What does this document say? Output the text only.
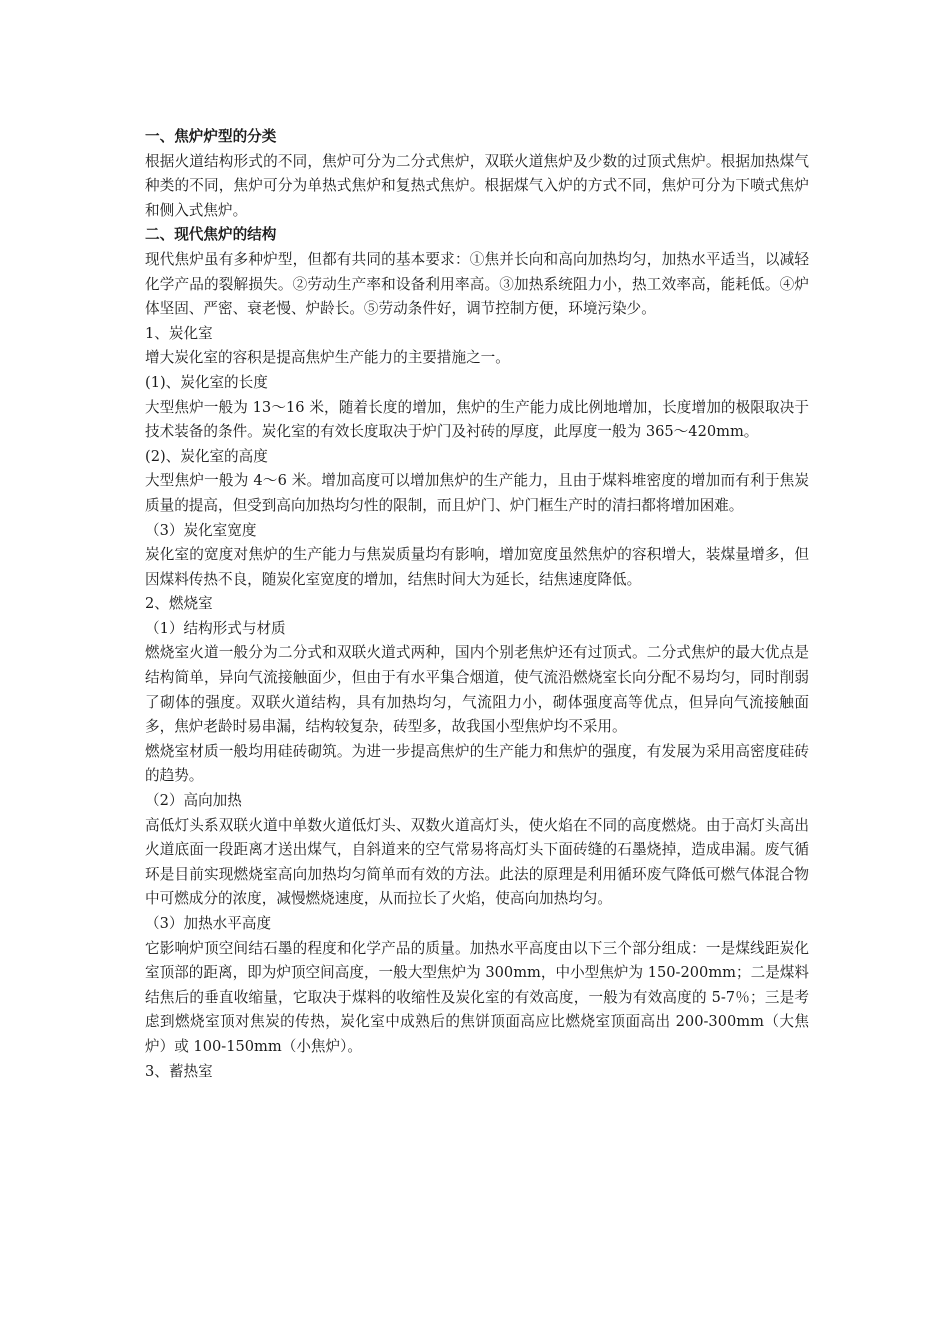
一、焦炉炉型的分类

根据火道结构形式的不同，焦炉可分为二分式焦炉，双联火道焦炉及少数的过顶式焦炉。根据加热煤气种类的不同，焦炉可分为单热式焦炉和复热式焦炉。根据煤气入炉的方式不同，焦炉可分为下喷式焦炉和侧入式焦炉。

二、现代焦炉的结构

现代焦炉虽有多种炉型，但都有共同的基本要求：①焦并长向和高向加热均匀，加热水平适当，以减轻化学产品的裂解损失。②劳动生产率和设备利用率高。③加热系统阻力小，热工效率高，能耗低。④炉体坚固、严密、衰老慢、炉龄长。⑤劳动条件好，调节控制方便，环境污染少。

1、炭化室

增大炭化室的容积是提高焦炉生产能力的主要措施之一。

(1)、炭化室的长度

大型焦炉一般为 13～16 米，随着长度的增加，焦炉的生产能力成比例地增加，长度增加的极限取决于技术装备的条件。炭化室的有效长度取决于炉门及衬砖的厚度，此厚度一般为 365～420mm。

(2)、炭化室的高度

大型焦炉一般为 4～6 米。增加高度可以增加焦炉的生产能力，且由于煤料堆密度的增加而有利于焦炭质量的提高，但受到高向加热均匀性的限制，而且炉门、炉门框生产时的清扫都将增加困难。

（3）炭化室宽度

炭化室的宽度对焦炉的生产能力与焦炭质量均有影响，增加宽度虽然焦炉的容积增大，装煤量增多，但因煤料传热不良，随炭化室宽度的增加，结焦时间大为延长，结焦速度降低。

2、燃烧室

（1）结构形式与材质

燃烧室火道一般分为二分式和双联火道式两种，国内个别老焦炉还有过顶式。二分式焦炉的最大优点是结构简单，异向气流接触面少，但由于有水平集合烟道，使气流沿燃烧室长向分配不易均匀，同时削弱了砌体的强度。双联火道结构，具有加热均匀，气流阻力小，砌体强度高等优点，但异向气流接触面多，焦炉老龄时易串漏，结构较复杂，砖型多，故我国小型焦炉均不采用。

燃烧室材质一般均用硅砖砌筑。为进一步提高焦炉的生产能力和焦炉的强度，有发展为采用高密度硅砖的趋势。

（2）高向加热

高低灯头系双联火道中单数火道低灯头、双数火道高灯头，使火焰在不同的高度燃烧。由于高灯头高出火道底面一段距离才送出煤气，自斜道来的空气常易将高灯头下面砖缝的石墨烧掉，造成串漏。废气循环是目前实现燃烧室高向加热均匀简单而有效的方法。此法的原理是利用循环废气降低可燃气体混合物中可燃成分的浓度，减慢燃烧速度，从而拉长了火焰，使高向加热均匀。

（3）加热水平高度

它影响炉顶空间结石墨的程度和化学产品的质量。加热水平高度由以下三个部分组成：一是煤线距炭化室顶部的距离，即为炉顶空间高度，一般大型焦炉为 300mm，中小型焦炉为 150-200mm；二是煤料结焦后的垂直收缩量，它取决于煤料的收缩性及炭化室的有效高度，一般为有效高度的 5-7％；三是考虑到燃烧室顶对焦炭的传热，炭化室中成熟后的焦饼顶面高应比燃烧室顶面高出 200-300mm（大焦炉）或 100-150mm（小焦炉）。

3、蓄热室
